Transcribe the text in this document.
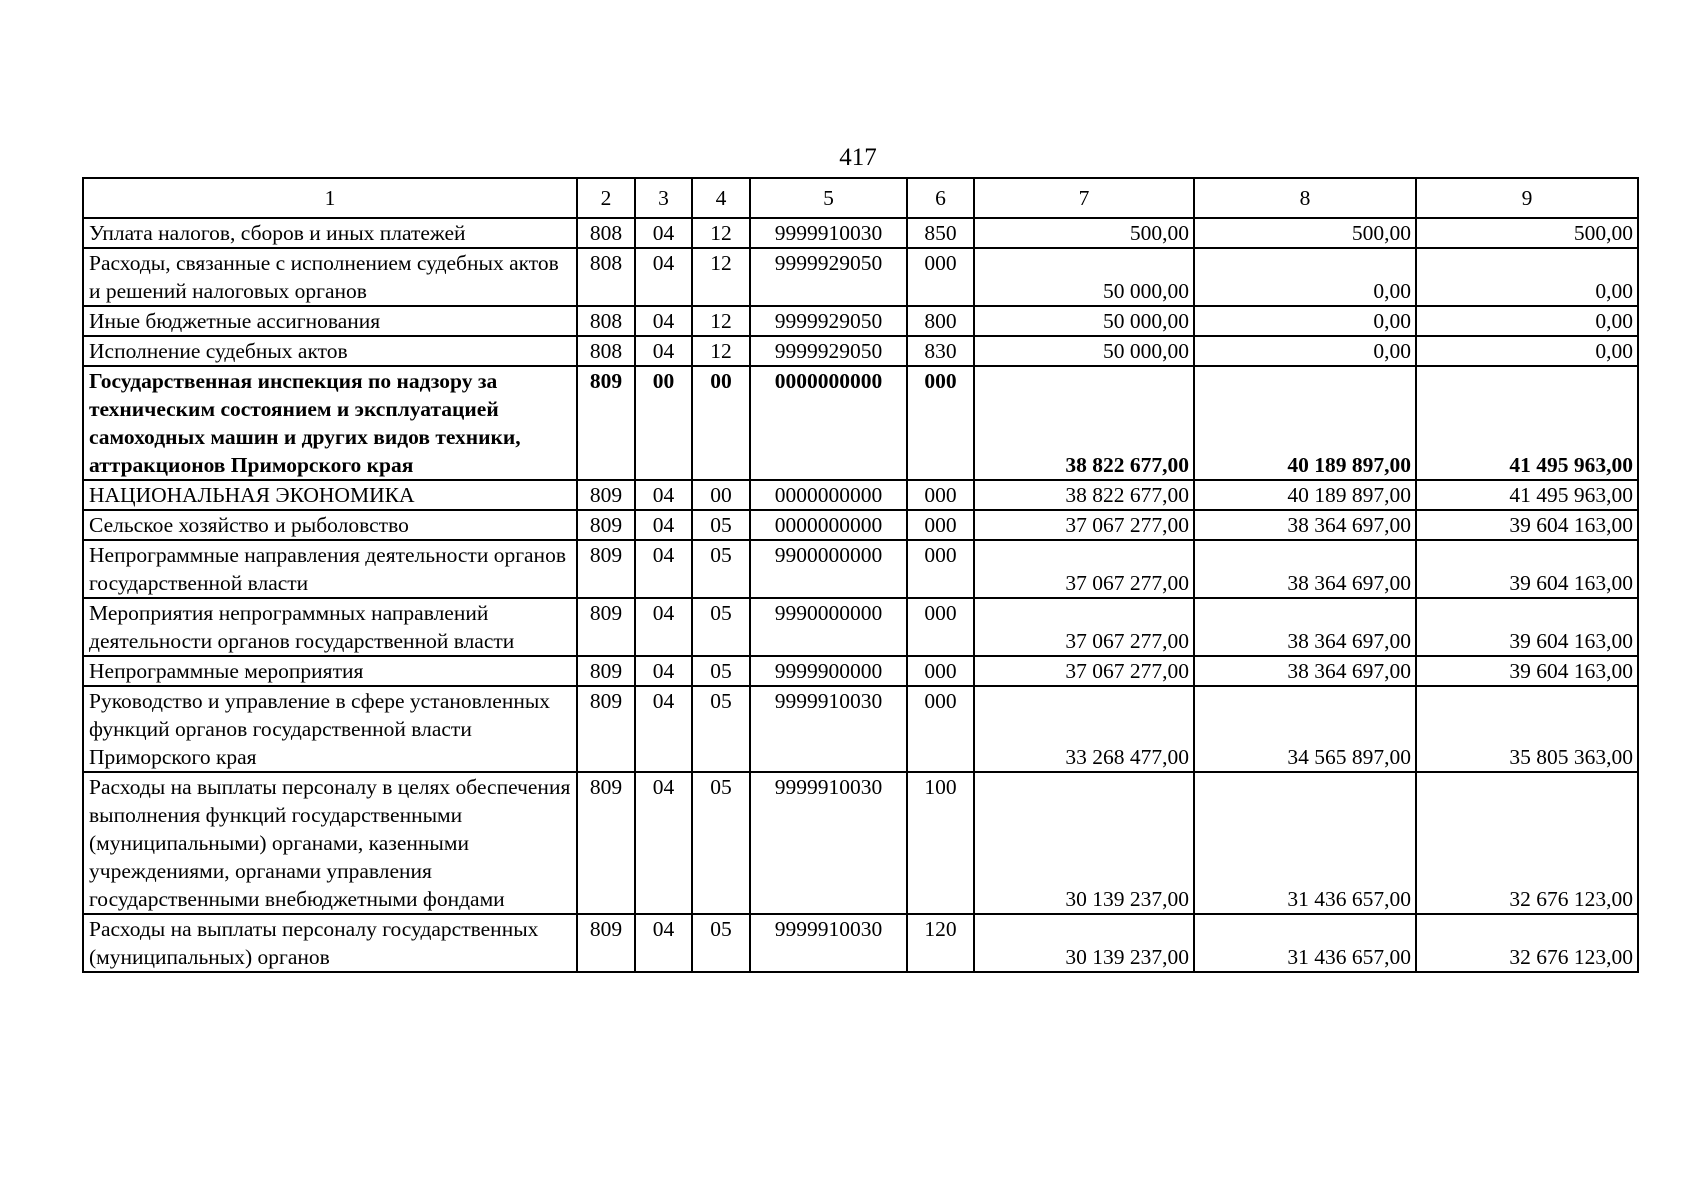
417
1	2	3	4	5	6	7	8	9
Уплата налогов, сборов и иных платежей	808	04	12	9999910030	850	500,00	500,00	500,00
Расходы, связанные с исполнением судебных актов и решений налоговых органов	808	04	12	9999929050	000	50 000,00	0,00	0,00
Иные бюджетные ассигнования	808	04	12	9999929050	800	50 000,00	0,00	0,00
Исполнение судебных актов	808	04	12	9999929050	830	50 000,00	0,00	0,00
Государственная инспекция по надзору за техническим состоянием и эксплуатацией самоходных машин и других видов техники, аттракционов Приморского края	809	00	00	0000000000	000	38 822 677,00	40 189 897,00	41 495 963,00
НАЦИОНАЛЬНАЯ ЭКОНОМИКА	809	04	00	0000000000	000	38 822 677,00	40 189 897,00	41 495 963,00
Сельское хозяйство и рыболовство	809	04	05	0000000000	000	37 067 277,00	38 364 697,00	39 604 163,00
Непрограммные направления деятельности органов государственной власти	809	04	05	9900000000	000	37 067 277,00	38 364 697,00	39 604 163,00
Мероприятия непрограммных направлений деятельности органов государственной власти	809	04	05	9990000000	000	37 067 277,00	38 364 697,00	39 604 163,00
Непрограммные мероприятия	809	04	05	9999900000	000	37 067 277,00	38 364 697,00	39 604 163,00
Руководство и управление в сфере установленных функций органов государственной власти Приморского края	809	04	05	9999910030	000	33 268 477,00	34 565 897,00	35 805 363,00
Расходы на выплаты персоналу в целях обеспечения выполнения функций государственными (муниципальными) органами, казенными учреждениями, органами управления государственными внебюджетными фондами	809	04	05	9999910030	100	30 139 237,00	31 436 657,00	32 676 123,00
Расходы на выплаты персоналу государственных (муниципальных) органов	809	04	05	9999910030	120	30 139 237,00	31 436 657,00	32 676 123,00
